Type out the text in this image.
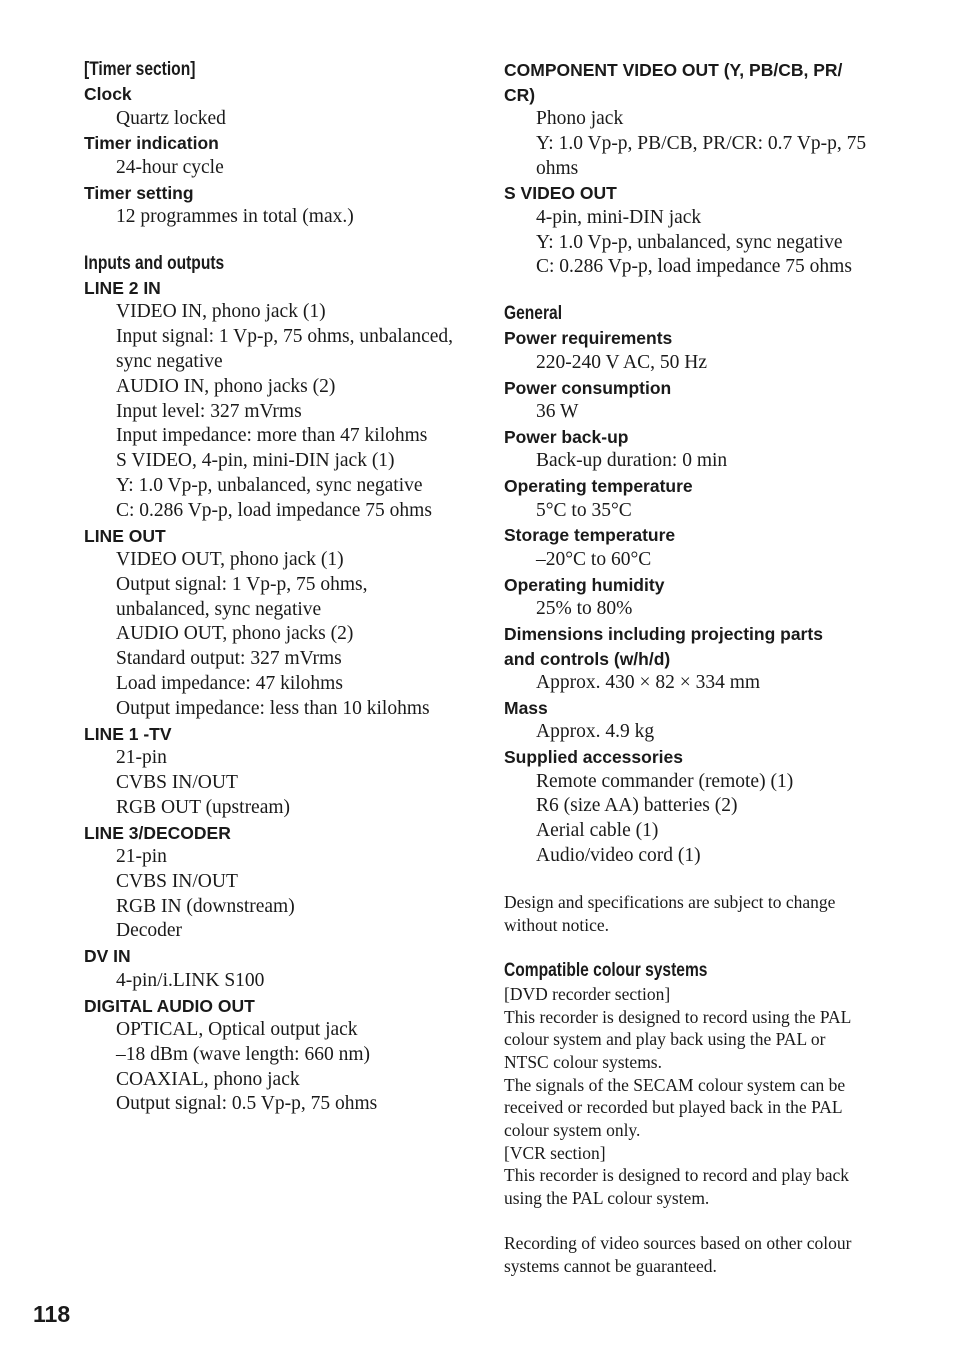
[Timer section]
Clock
Quartz locked
Timer indication
24-hour cycle
Timer setting
12 programmes in total (max.)
Inputs and outputs
LINE 2 IN
VIDEO IN, phono jack (1)
Input signal: 1 Vp-p, 75 ohms, unbalanced,
sync negative
AUDIO IN, phono jacks (2)
Input level: 327 mVrms
Input impedance: more than 47 kilohms
S VIDEO, 4-pin, mini-DIN jack (1)
Y: 1.0 Vp-p, unbalanced, sync negative
C: 0.286 Vp-p, load impedance 75 ohms
LINE OUT
VIDEO OUT, phono jack (1)
Output signal: 1 Vp-p, 75 ohms,
unbalanced, sync negative
AUDIO OUT, phono jacks (2)
Standard output: 327 mVrms
Load impedance: 47 kilohms
Output impedance: less than 10 kilohms
LINE 1 -TV
21-pin
CVBS IN/OUT
RGB OUT (upstream)
LINE 3/DECODER
21-pin
CVBS IN/OUT
RGB IN (downstream)
Decoder
DV IN
4-pin/i.LINK S100
DIGITAL AUDIO OUT
OPTICAL, Optical output jack
–18 dBm (wave length: 660 nm)
COAXIAL, phono jack
Output signal: 0.5 Vp-p, 75 ohms
COMPONENT VIDEO OUT (Y, PB/CB, PR/
CR)
Phono jack
Y: 1.0 Vp-p, PB/CB, PR/CR: 0.7 Vp-p, 75
ohms
S VIDEO OUT
4-pin, mini-DIN jack
Y: 1.0 Vp-p, unbalanced, sync negative
C: 0.286 Vp-p, load impedance 75 ohms
General
Power requirements
220-240 V AC, 50 Hz
Power consumption
36 W
Power back-up
Back-up duration: 0 min
Operating temperature
5°C to 35°C
Storage temperature
–20°C to 60°C
Operating humidity
25% to 80%
Dimensions including projecting parts
and controls (w/h/d)
Approx. 430 × 82 × 334 mm
Mass
Approx. 4.9 kg
Supplied accessories
Remote commander (remote) (1)
R6 (size AA) batteries (2)
Aerial cable (1)
Audio/video cord (1)
Design and specifications are subject to change
without notice.
Compatible colour systems
[DVD recorder section]
This recorder is designed to record using the PAL
colour system and play back using the PAL or
NTSC colour systems.
The signals of the SECAM colour system can be
received or recorded but played back in the PAL
colour system only.
[VCR section]
This recorder is designed to record and play back
using the PAL colour system.
Recording of video sources based on other colour
systems cannot be guaranteed.
118
